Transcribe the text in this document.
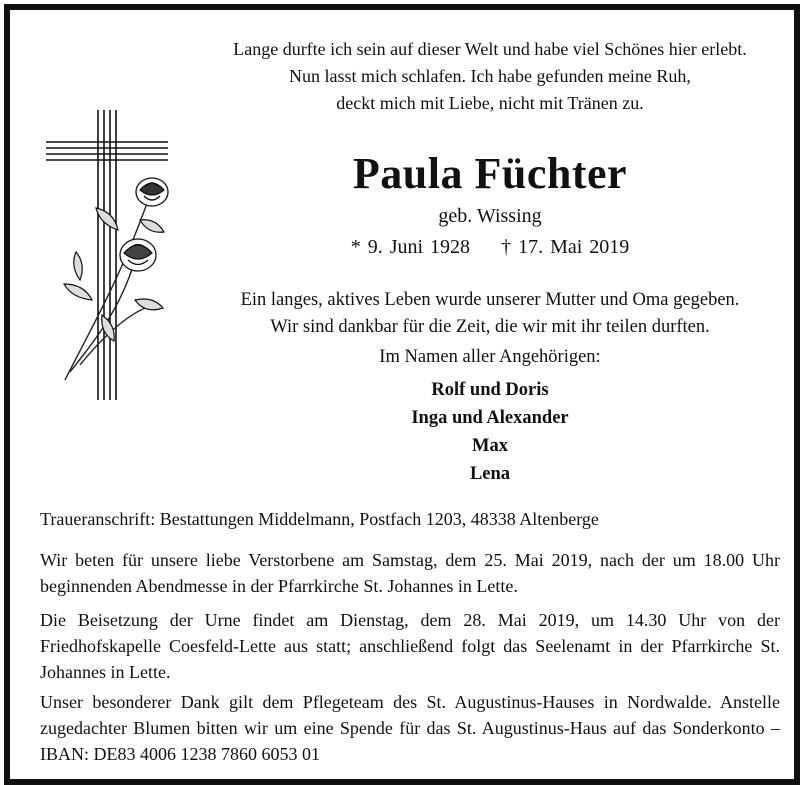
Lange durfte ich sein auf dieser Welt und habe viel Schönes hier erlebt.
Nun lasst mich schlafen. Ich habe gefunden meine Ruh,
deckt mich mit Liebe, nicht mit Tränen zu.
Paula Füchter
geb. Wissing
* 9. Juni 1928 † 17. Mai 2019
Ein langes, aktives Leben wurde unserer Mutter und Oma gegeben.
Wir sind dankbar für die Zeit, die wir mit ihr teilen durften.
Im Namen aller Angehörigen:
Rolf und Doris
Inga und Alexander
Max
Lena
Traueranschrift: Bestattungen Middelmann, Postfach 1203, 48338 Altenberge
Wir beten für unsere liebe Verstorbene am Samstag, dem 25. Mai 2019, nach der um 18.00 Uhr beginnenden Abendmesse in der Pfarrkirche St. Johannes in Lette.
Die Beisetzung der Urne findet am Dienstag, dem 28. Mai 2019, um 14.30 Uhr von der Friedhofskapelle Coesfeld-Lette aus statt; anschließend folgt das Seelenamt in der Pfarrkirche St. Johannes in Lette.
Unser besonderer Dank gilt dem Pflegeteam des St. Augustinus-Hauses in Nordwalde. Anstelle zugedachter Blumen bitten wir um eine Spende für das St. Augustinus-Haus auf das Sonderkonto – IBAN: DE83 4006 1238 7860 6053 01
